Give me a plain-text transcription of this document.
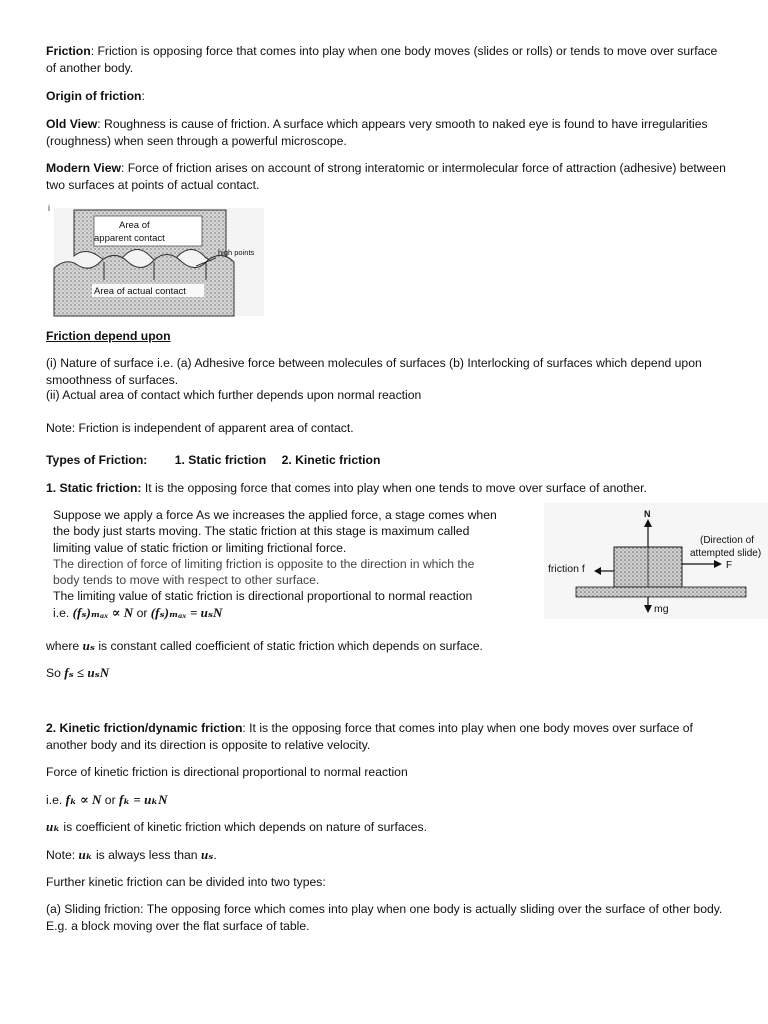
Friction: Friction is opposing force that comes into play when one body moves (slides or rolls) or tends to move over surface of another body.

Origin of friction:

Old View: Roughness is cause of friction. A surface which appears very smooth to naked eye is found to have irregularities (roughness) when seen through a powerful microscope.

Modern View: Force of friction arises on account of strong interatomic or intermolecular force of attraction (adhesive) between two surfaces at points of actual contact.

i
Area of
apparent contact
high points
Area of actual contact

Friction depend upon

(i) Nature of surface i.e. (a) Adhesive force between molecules of surfaces (b) Interlocking of surfaces which depend upon smoothness of surfaces.

(ii) Actual area of contact which further depends upon normal reaction

Note: Friction is independent of apparent area of contact.

Types of Friction: 1. Static friction 2. Kinetic friction

1. Static friction: It is the opposing force that comes into play when one tends to move over surface of another.

Suppose we apply a force As we increases the applied force, a stage comes when
the body just starts moving. The static friction at this stage is maximum called
limiting value of static friction or limiting frictional force.
The direction of force of limiting friction is opposite to the direction in which the
body tends to move with respect to other surface.
The limiting value of static friction is directional proportional to normal reaction
i.e. (fₛ)ₘₐₓ ∝ N or (fₛ)ₘₐₓ = uₛN
N
F
(Direction of
attempted slide)
friction f
mg

where uₛ is constant called coefficient of static friction which depends on surface.

So fₛ ≤ uₛN

2. Kinetic friction/dynamic friction: It is the opposing force that comes into play when one body moves over surface of another body and its direction is opposite to relative velocity.

Force of kinetic friction is directional proportional to normal reaction

i.e. fₖ ∝ N or fₖ = uₖN

uₖ is coefficient of kinetic friction which depends on nature of surfaces.

Note: uₖ is always less than uₛ.

Further kinetic friction can be divided into two types:

(a) Sliding friction: The opposing force which comes into play when one body is actually sliding over the surface of other body. E.g. a block moving over the flat surface of table.
